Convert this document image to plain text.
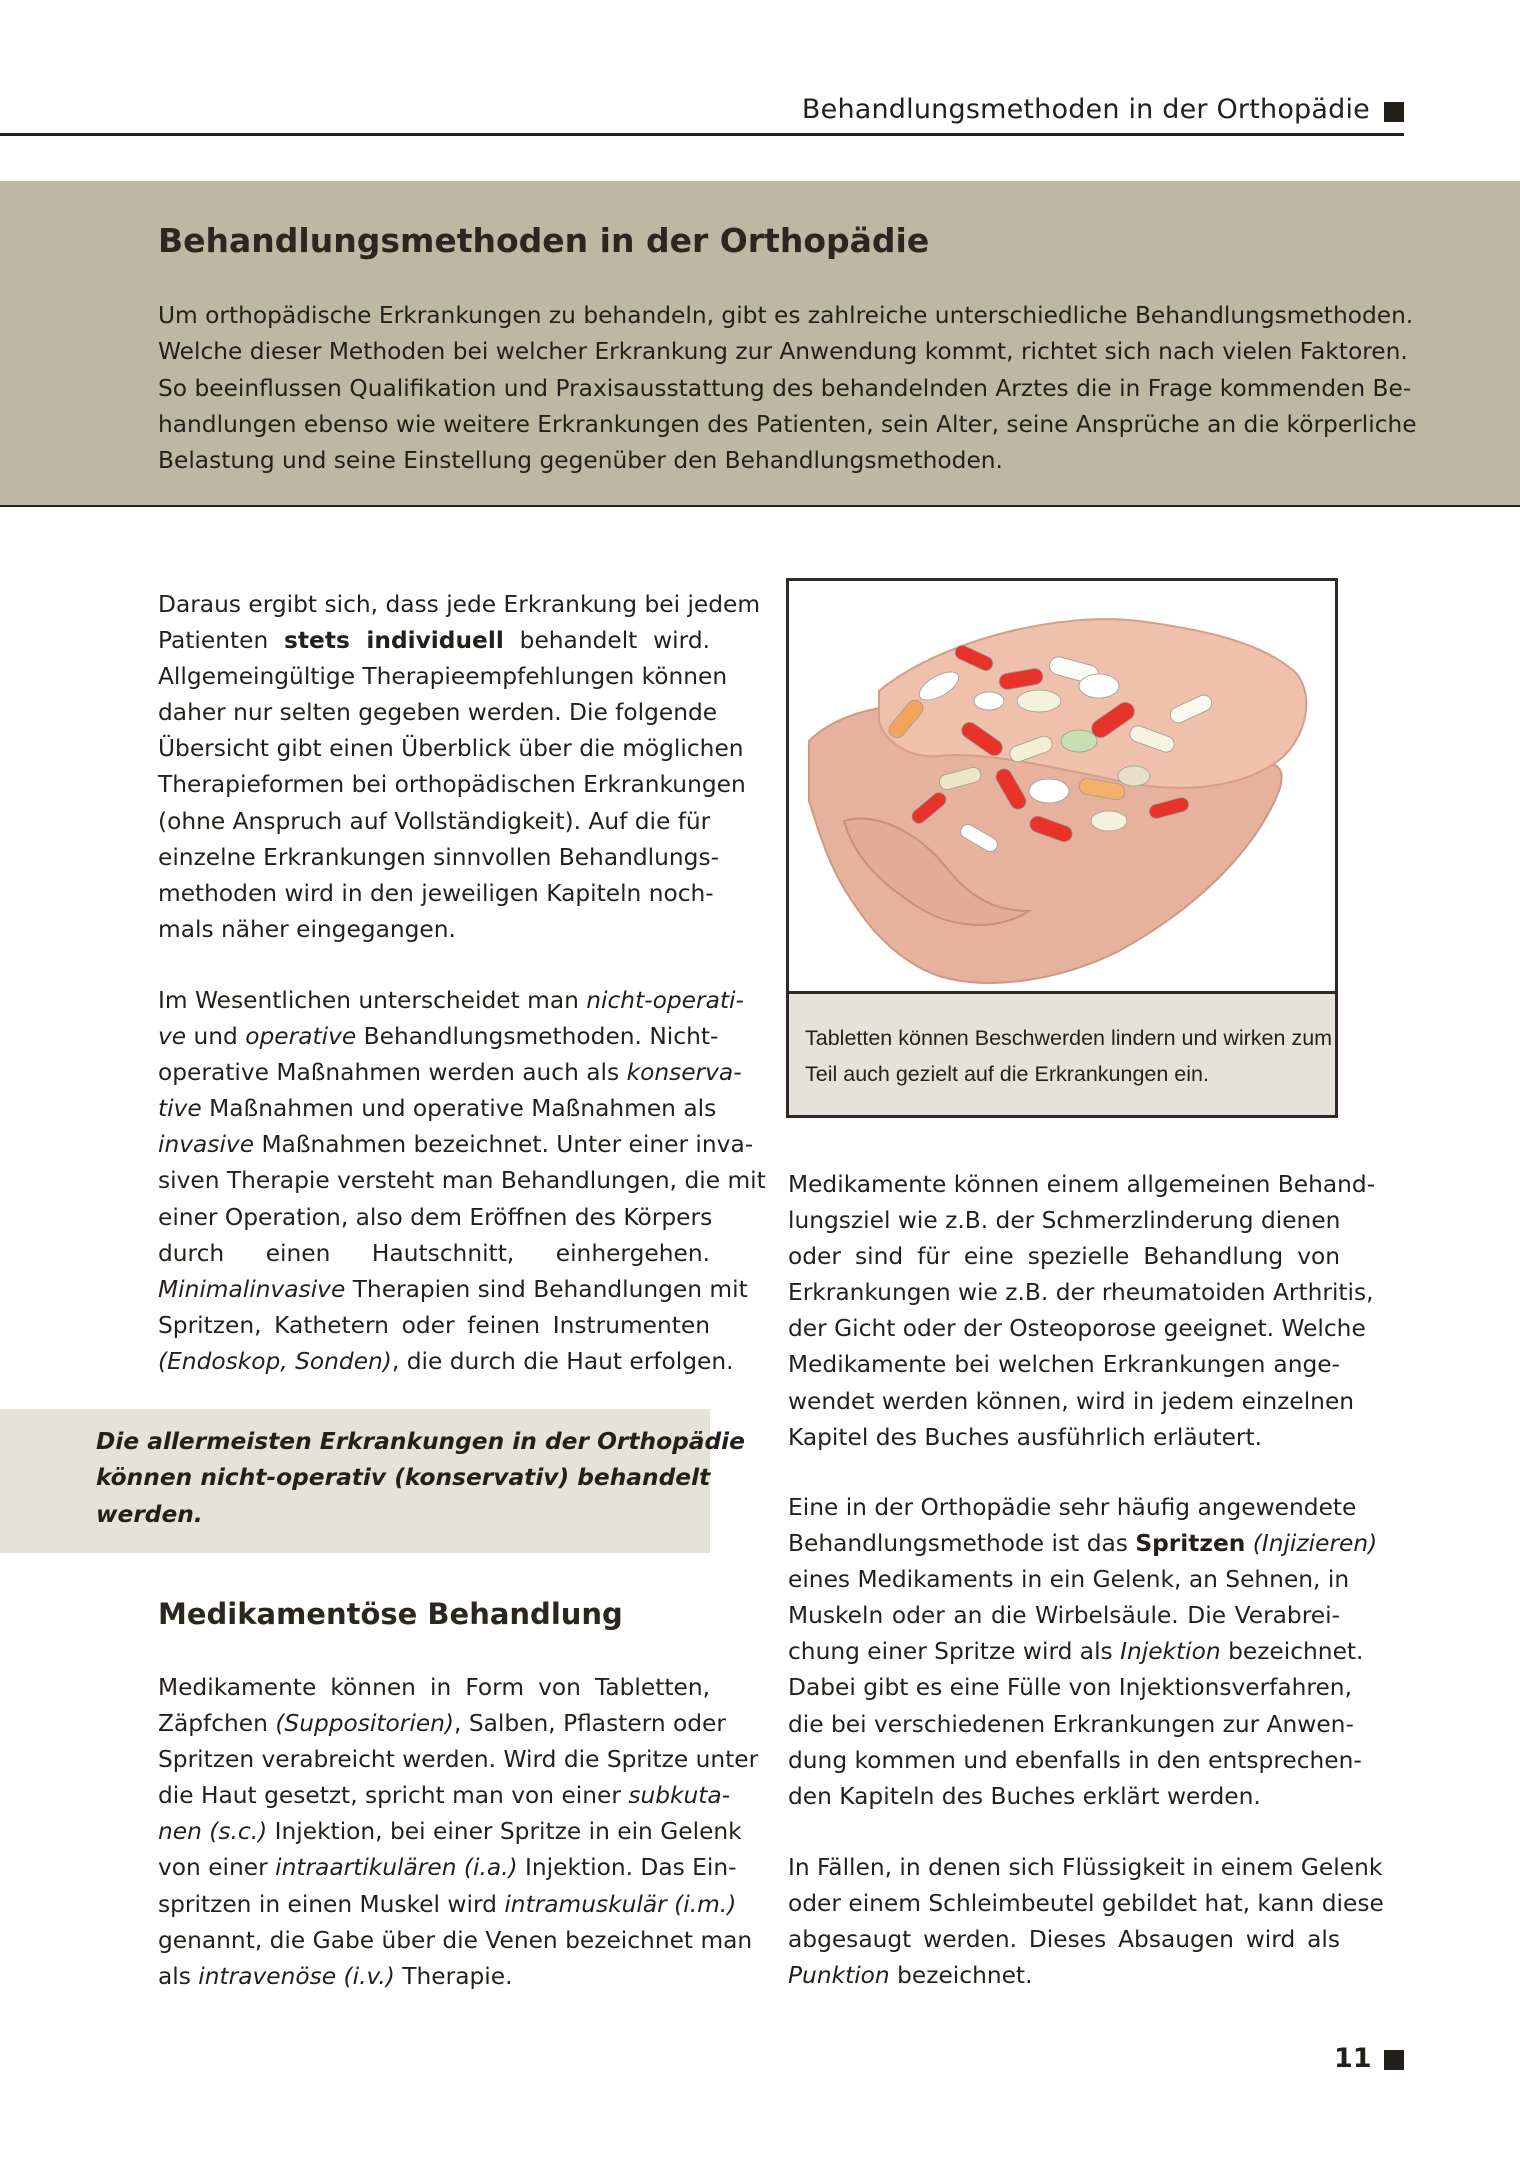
Behandlungsmethoden in der Orthopädie
Behandlungsmethoden in der Orthopädie
Um orthopädische Erkrankungen zu behandeln, gibt es zahlreiche unterschiedliche Behandlungsmethoden.
Welche dieser Methoden bei welcher Erkrankung zur Anwendung kommt, richtet sich nach vielen Faktoren.
So beeinflussen Qualifikation und Praxisausstattung des behandelnden Arztes die in Frage kommenden Be-
handlungen ebenso wie weitere Erkrankungen des Patienten, sein Alter, seine Ansprüche an die körperliche
Belastung und seine Einstellung gegenüber den Behandlungsmethoden.
Daraus ergibt sich, dass jede Erkrankung bei jedem
Patienten stets individuell behandelt wird.
Allgemeingültige Therapieempfehlungen können
daher nur selten gegeben werden. Die folgende
Übersicht gibt einen Überblick über die möglichen
Therapieformen bei orthopädischen Erkrankungen
(ohne Anspruch auf Vollständigkeit). Auf die für
einzelne Erkrankungen sinnvollen Behandlungs-
methoden wird in den jeweiligen Kapiteln noch-
mals näher eingegangen.
Im Wesentlichen unterscheidet man nicht-operati-
ve und operative Behandlungsmethoden. Nicht-
operative Maßnahmen werden auch als konserva-
tive Maßnahmen und operative Maßnahmen als
invasive Maßnahmen bezeichnet. Unter einer inva-
siven Therapie versteht man Behandlungen, die mit
einer Operation, also dem Eröffnen des Körpers
durch einen Hautschnitt, einhergehen.
Minimalinvasive Therapien sind Behandlungen mit
Spritzen, Kathetern oder feinen Instrumenten
(Endoskop, Sonden), die durch die Haut erfolgen.
Die allermeisten Erkrankungen in der Orthopädie
können nicht-operativ (konservativ) behandelt
werden.
Medikamentöse Behandlung
Medikamente können in Form von Tabletten,
Zäpfchen (Suppositorien), Salben, Pflastern oder
Spritzen verabreicht werden. Wird die Spritze unter
die Haut gesetzt, spricht man von einer subkuta-
nen (s.c.) Injektion, bei einer Spritze in ein Gelenk
von einer intraartikulären (i.a.) Injektion. Das Ein-
spritzen in einen Muskel wird intramuskulär (i.m.)
genannt, die Gabe über die Venen bezeichnet man
als intravenöse (i.v.) Therapie.
Tabletten können Beschwerden lindern und wirken zum
Teil auch gezielt auf die Erkrankungen ein.
Medikamente können einem allgemeinen Behand-
lungsziel wie z.B. der Schmerzlinderung dienen
oder sind für eine spezielle Behandlung von
Erkrankungen wie z.B. der rheumatoiden Arthritis,
der Gicht oder der Osteoporose geeignet. Welche
Medikamente bei welchen Erkrankungen ange-
wendet werden können, wird in jedem einzelnen
Kapitel des Buches ausführlich erläutert.
Eine in der Orthopädie sehr häufig angewendete
Behandlungsmethode ist das Spritzen (Injizieren)
eines Medikaments in ein Gelenk, an Sehnen, in
Muskeln oder an die Wirbelsäule. Die Verabrei-
chung einer Spritze wird als Injektion bezeichnet.
Dabei gibt es eine Fülle von Injektionsverfahren,
die bei verschiedenen Erkrankungen zur Anwen-
dung kommen und ebenfalls in den entsprechen-
den Kapiteln des Buches erklärt werden.
In Fällen, in denen sich Flüssigkeit in einem Gelenk
oder einem Schleimbeutel gebildet hat, kann diese
abgesaugt werden. Dieses Absaugen wird als
Punktion bezeichnet.
11
